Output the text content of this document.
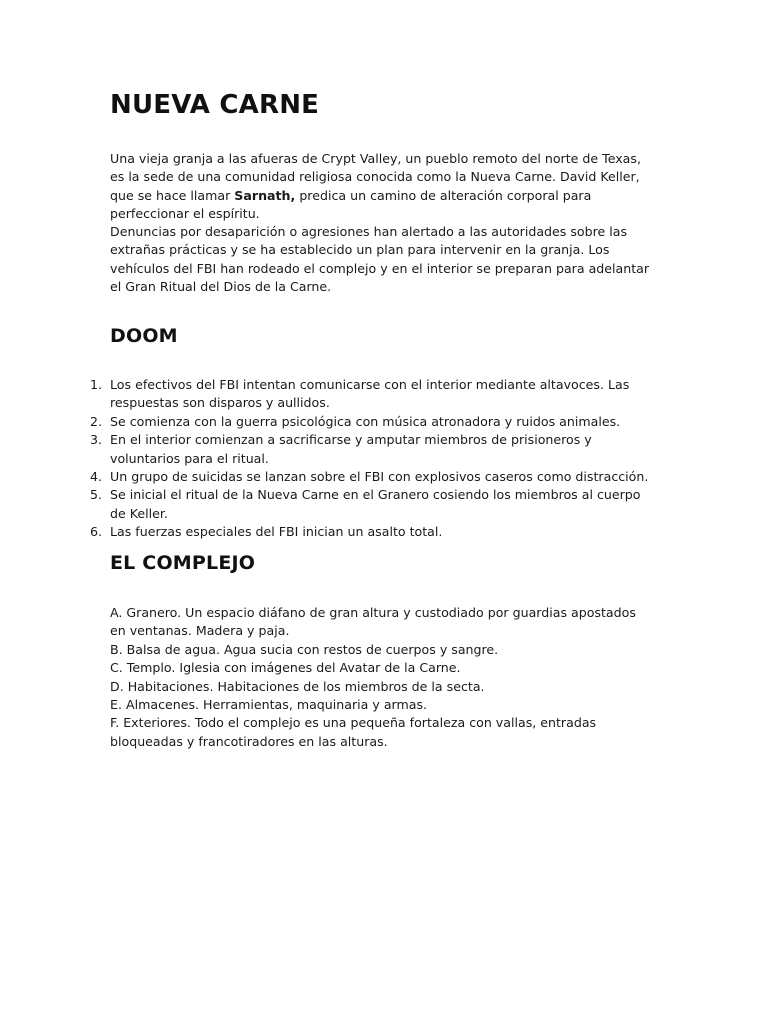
NUEVA CARNE

Una vieja granja a las afueras de Crypt Valley, un pueblo remoto del norte de Texas, es la sede de una comunidad religiosa conocida como la Nueva Carne. David Keller, que se hace llamar Sarnath, predica un camino de alteración corporal para perfeccionar el espíritu.

Denuncias por desaparición o agresiones han alertado a las autoridades sobre las extrañas prácticas y se ha establecido un plan para intervenir en la granja. Los vehículos del FBI han rodeado el complejo y en el interior se preparan para adelantar el Gran Ritual del Dios de la Carne.

DOOM
1. Los efectivos del FBI intentan comunicarse con el interior mediante altavoces. Las respuestas son disparos y aullidos.
2. Se comienza con la guerra psicológica con música atronadora y ruidos animales.
3. En el interior comienzan a sacrificarse y amputar miembros de prisioneros y voluntarios para el ritual.
4. Un grupo de suicidas se lanzan sobre el FBI con explosivos caseros como distracción.
5. Se inicial el ritual de la Nueva Carne en el Granero cosiendo los miembros al cuerpo de Keller.
6. Las fuerzas especiales del FBI inician un asalto total.
EL COMPLEJO
A. Granero. Un espacio diáfano de gran altura y custodiado por guardias apostados en ventanas. Madera y paja.
B. Balsa de agua. Agua sucia con restos de cuerpos y sangre.
C. Templo. Iglesia con imágenes del Avatar de la Carne.
D. Habitaciones. Habitaciones de los miembros de la secta.
E. Almacenes. Herramientas, maquinaria y armas.
F. Exteriores. Todo el complejo es una pequeña fortaleza con vallas, entradas bloqueadas y francotiradores en las alturas.
